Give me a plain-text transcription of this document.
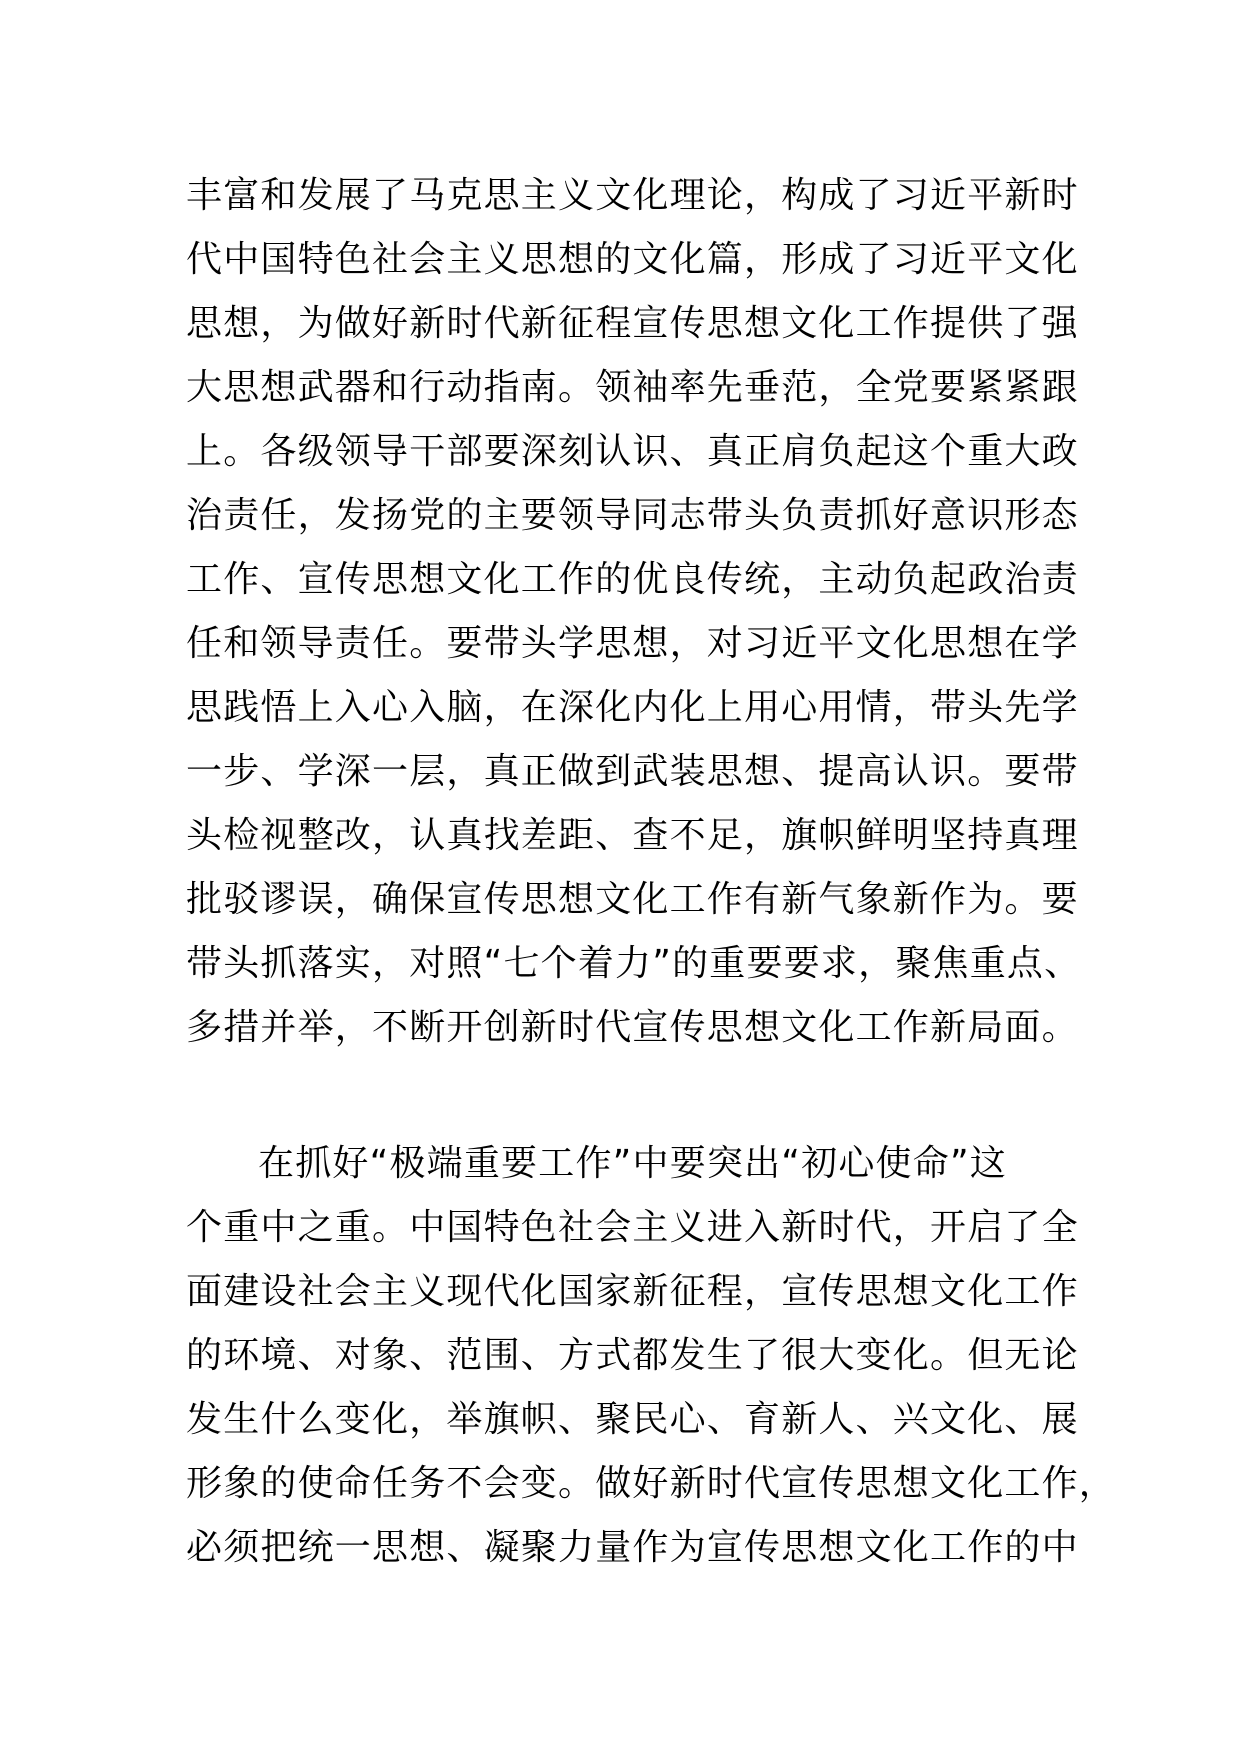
丰富和发展了马克思主义文化理论，构成了习近平新时
代中国特色社会主义思想的文化篇，形成了习近平文化
思想，为做好新时代新征程宣传思想文化工作提供了强
大思想武器和行动指南。领袖率先垂范，全党要紧紧跟
上。各级领导干部要深刻认识、真正肩负起这个重大政
治责任，发扬党的主要领导同志带头负责抓好意识形态
工作、宣传思想文化工作的优良传统，主动负起政治责
任和领导责任。要带头学思想，对习近平文化思想在学
思践悟上入心入脑，在深化内化上用心用情，带头先学
一步、学深一层，真正做到武装思想、提高认识。要带
头检视整改，认真找差距、查不足，旗帜鲜明坚持真理
批驳谬误，确保宣传思想文化工作有新气象新作为。要
带头抓落实，对照“七个着力”的重要要求，聚焦重点、
多措并举，不断开创新时代宣传思想文化工作新局面。
在抓好“极端重要工作”中要突出“初心使命”这
个重中之重。中国特色社会主义进入新时代，开启了全
面建设社会主义现代化国家新征程，宣传思想文化工作
的环境、对象、范围、方式都发生了很大变化。但无论
发生什么变化，举旗帜、聚民心、育新人、兴文化、展
形象的使命任务不会变。做好新时代宣传思想文化工作，
必须把统一思想、凝聚力量作为宣传思想文化工作的中
